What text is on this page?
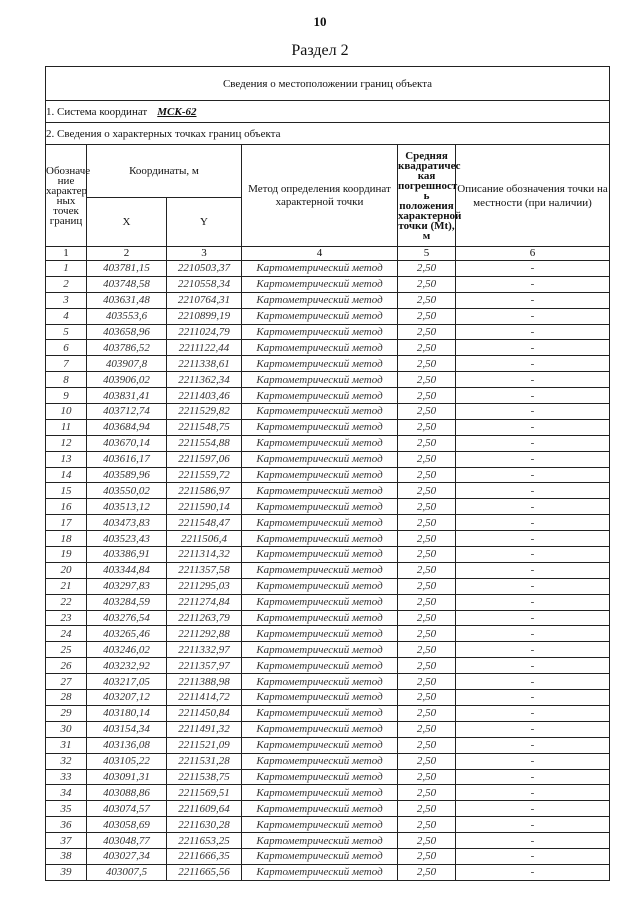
10
Раздел 2
Сведения о местоположении границ объекта					
1. Система координат МСК-62					
2. Сведения о характерных точках границ объекта					
Обозначе ние характер ных точек границ	Координаты, м		Метод определения координат характерной точки	Средняя квадратичес кая погрешност ь положения характерной точки (Mt), м	Описание обозначения точки на местности (при наличии)
	X	Y			
1	2	3	4	5	6
1	403781,15	2210503,37	Картометрический метод	2,50	-
2	403748,58	2210558,34	Картометрический метод	2,50	-
3	403631,48	2210764,31	Картометрический метод	2,50	-
4	403553,6	2210899,19	Картометрический метод	2,50	-
5	403658,96	2211024,79	Картометрический метод	2,50	-
6	403786,52	2211122,44	Картометрический метод	2,50	-
7	403907,8	2211338,61	Картометрический метод	2,50	-
8	403906,02	2211362,34	Картометрический метод	2,50	-
9	403831,41	2211403,46	Картометрический метод	2,50	-
10	403712,74	2211529,82	Картометрический метод	2,50	-
11	403684,94	2211548,75	Картометрический метод	2,50	-
12	403670,14	2211554,88	Картометрический метод	2,50	-
13	403616,17	2211597,06	Картометрический метод	2,50	-
14	403589,96	2211559,72	Картометрический метод	2,50	-
15	403550,02	2211586,97	Картометрический метод	2,50	-
16	403513,12	2211590,14	Картометрический метод	2,50	-
17	403473,83	2211548,47	Картометрический метод	2,50	-
18	403523,43	2211506,4	Картометрический метод	2,50	-
19	403386,91	2211314,32	Картометрический метод	2,50	-
20	403344,84	2211357,58	Картометрический метод	2,50	-
21	403297,83	2211295,03	Картометрический метод	2,50	-
22	403284,59	2211274,84	Картометрический метод	2,50	-
23	403276,54	2211263,79	Картометрический метод	2,50	-
24	403265,46	2211292,88	Картометрический метод	2,50	-
25	403246,02	2211332,97	Картометрический метод	2,50	-
26	403232,92	2211357,97	Картометрический метод	2,50	-
27	403217,05	2211388,98	Картометрический метод	2,50	-
28	403207,12	2211414,72	Картометрический метод	2,50	-
29	403180,14	2211450,84	Картометрический метод	2,50	-
30	403154,34	2211491,32	Картометрический метод	2,50	-
31	403136,08	2211521,09	Картометрический метод	2,50	-
32	403105,22	2211531,28	Картометрический метод	2,50	-
33	403091,31	2211538,75	Картометрический метод	2,50	-
34	403088,86	2211569,51	Картометрический метод	2,50	-
35	403074,57	2211609,64	Картометрический метод	2,50	-
36	403058,69	2211630,28	Картометрический метод	2,50	-
37	403048,77	2211653,25	Картометрический метод	2,50	-
38	403027,34	2211666,35	Картометрический метод	2,50	-
39	403007,5	2211665,56	Картометрический метод	2,50	-
